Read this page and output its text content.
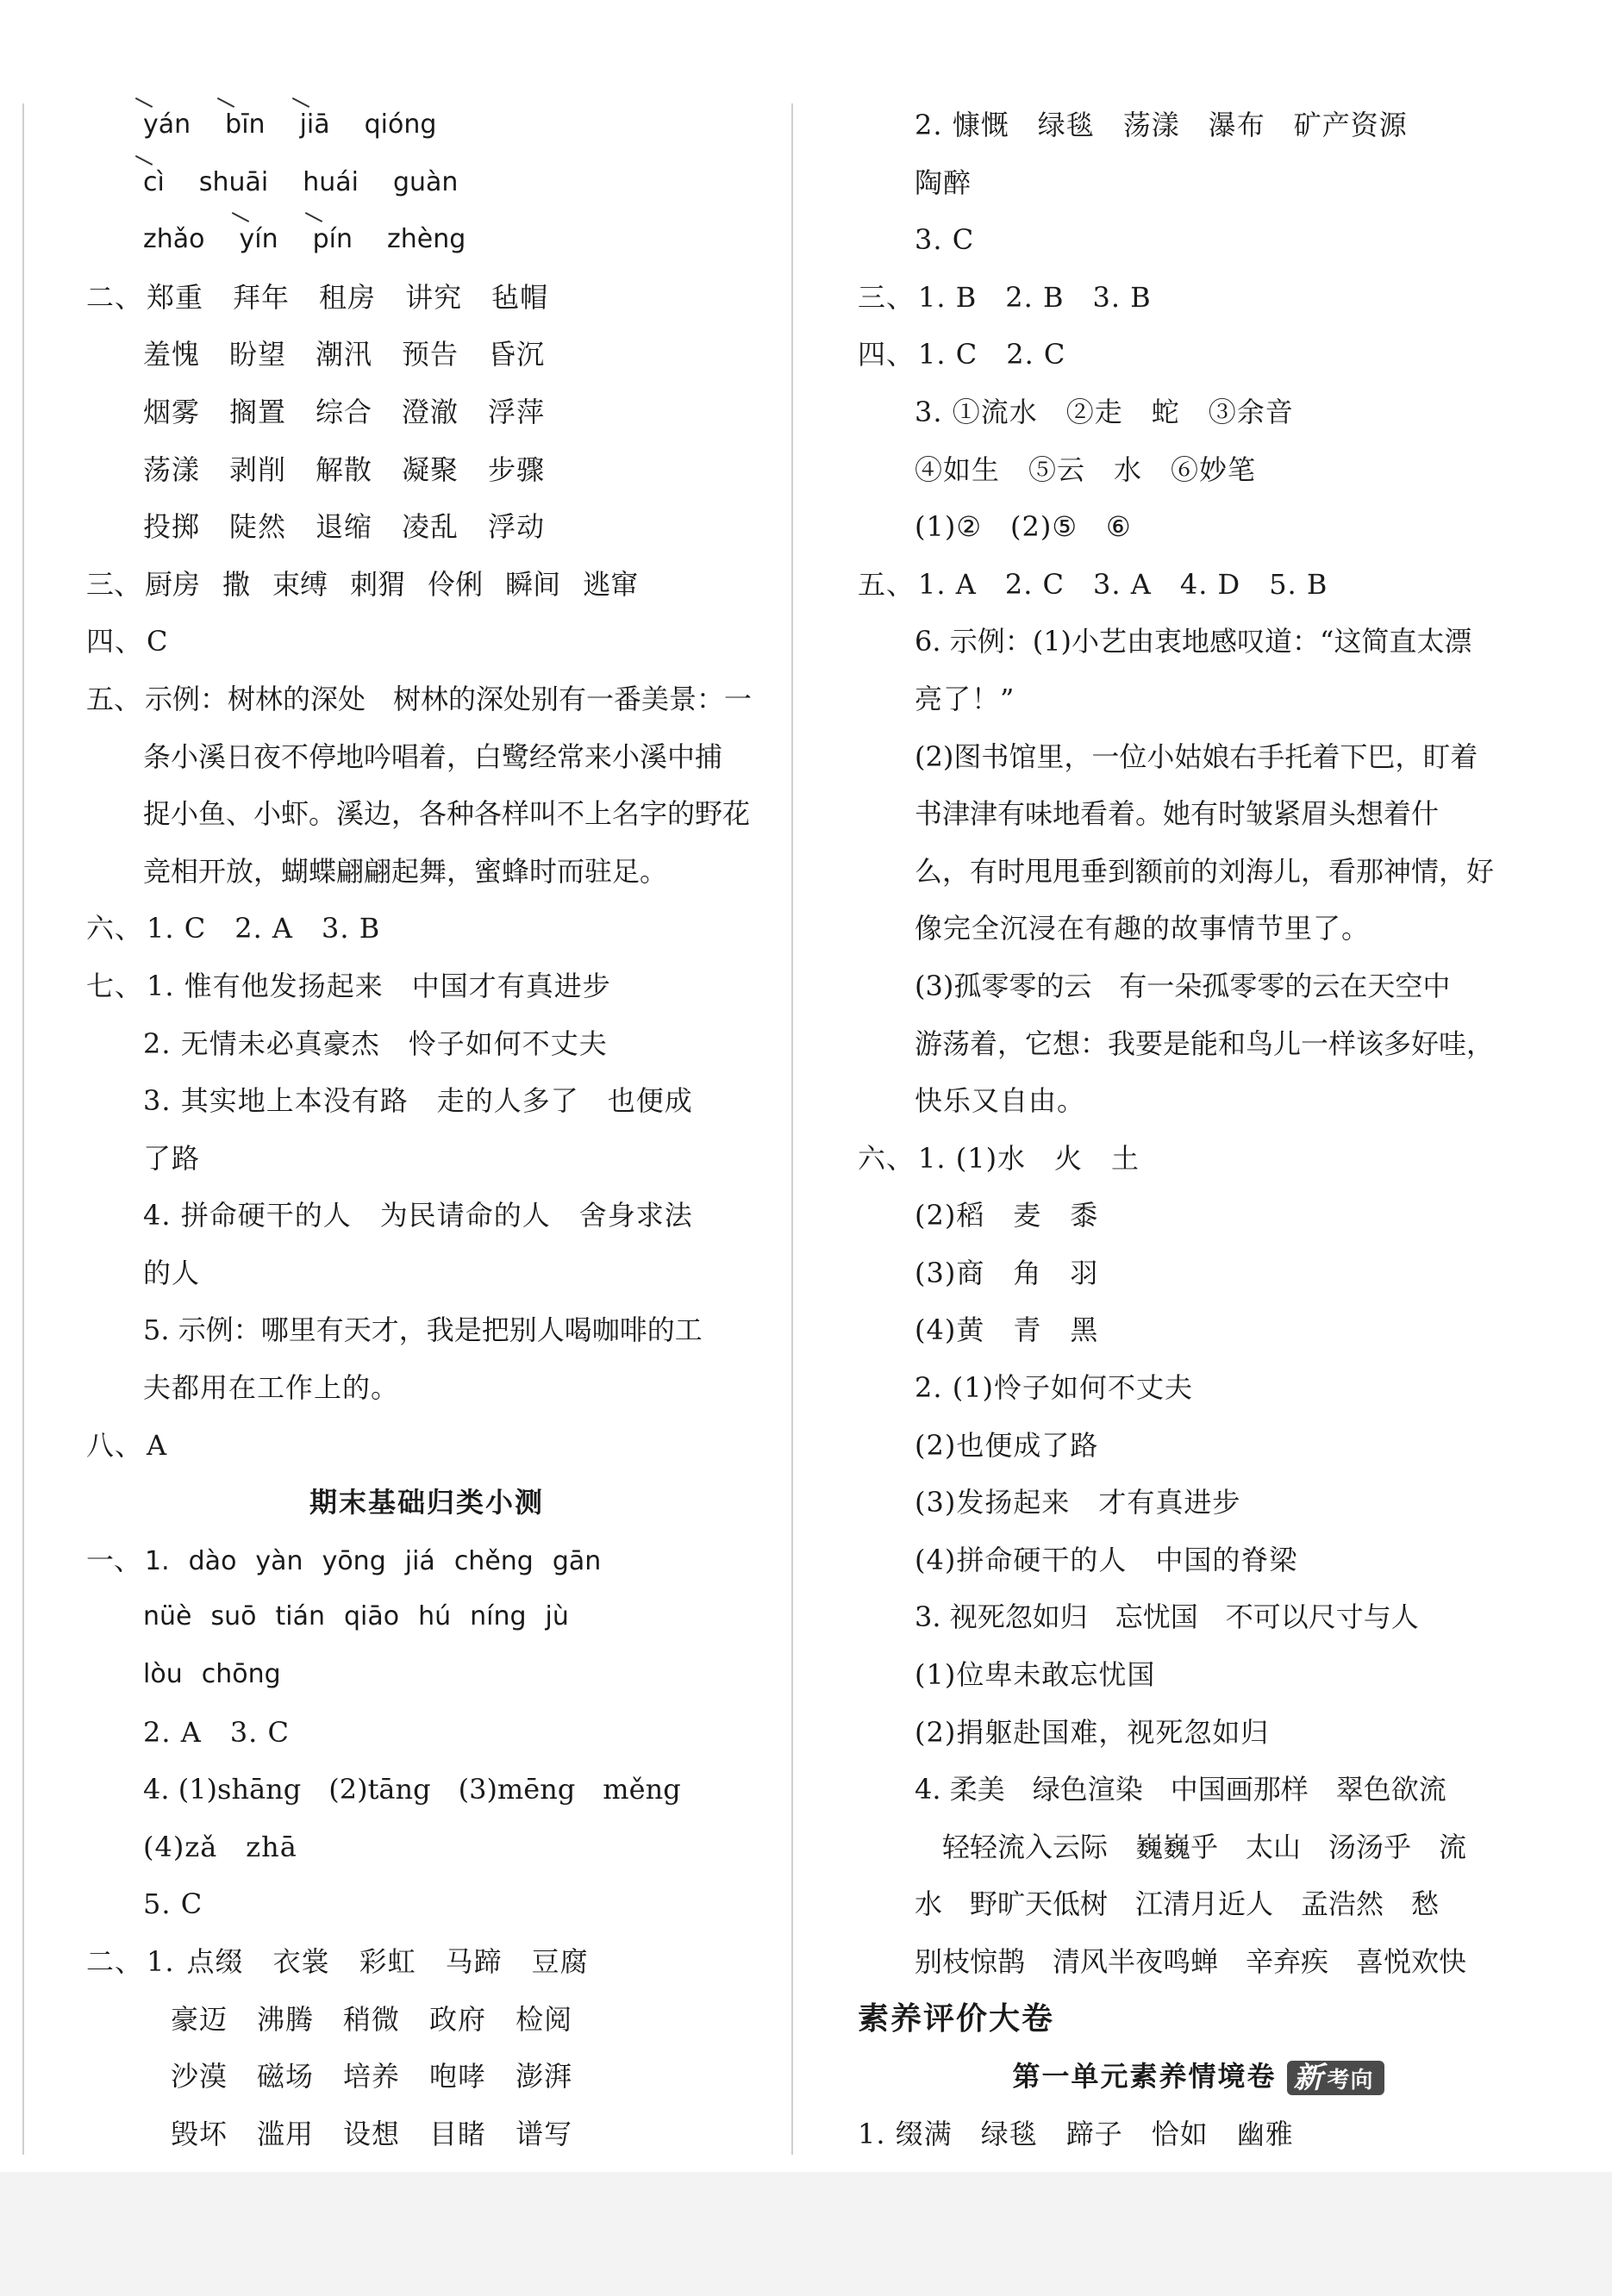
yán bīn jiā qióng
cì shuāi huái guàn
zhǎo yín pín zhèng
二、 郑重 拜年 租房 讲究 毡帽
羞愧 盼望 潮汛 预告 昏沉
烟雾 搁置 综合 澄澈 浮萍
荡漾 剥削 解散 凝聚 步骤
投掷 陡然 退缩 凌乱 浮动
三、 厨房 撒 束缚 刺猬 伶俐 瞬间 逃窜
四、 C
五、 示例：树林的深处　树林的深处别有一番美景：一
条小溪日夜不停地吟唱着，白鹭经常来小溪中捕
捉小鱼、小虾。溪边，各种各样叫不上名字的野花
竞相开放，蝴蝶翩翩起舞，蜜蜂时而驻足。
六、 1. C　2. A　3. B
七、 1. 惟有他发扬起来　中国才有真进步
2. 无情未必真豪杰　怜子如何不丈夫
3. 其实地上本没有路　走的人多了　也便成
了路
4. 拼命硬干的人　为民请命的人　舍身求法
的人
5. 示例：哪里有天才，我是把别人喝咖啡的工
夫都用在工作上的。
八、 A
期末基础归类小测
一、 1. dào yàn yōng jiá chěng gān
nüè suō tián qiāo hú níng jù
lòu chōng
2. A　3. C
4. (1)shāng　(2)tāng　(3)mēng　měng
(4)zǎ　zhā
5. C
二、 1. 点缀 衣裳 彩虹 马蹄 豆腐
豪迈 沸腾 稍微 政府 检阅
沙漠 磁场 培养 咆哮 澎湃
毁坏 滥用 设想 目睹 谱写
2. 慷慨　绿毯　荡漾　瀑布　矿产资源
陶醉
3. C
三、 1. B　2. B　3. B
四、 1. C　2. C
3. ①流水　②走　蛇　③余音
④如生　⑤云　水　⑥妙笔
(1)②　(2)⑤　⑥
五、 1. A　2. C　3. A　4. D　5. B
6. 示例：(1)小艺由衷地感叹道：“这简直太漂
亮了！”
(2)图书馆里，一位小姑娘右手托着下巴，盯着
书津津有味地看着。她有时皱紧眉头想着什
么，有时甩甩垂到额前的刘海儿，看那神情，好
像完全沉浸在有趣的故事情节里了。
(3)孤零零的云　有一朵孤零零的云在天空中
游荡着，它想：我要是能和鸟儿一样该多好哇，
快乐又自由。
六、 1. (1)水　火　土
(2)稻　麦　黍
(3)商　角　羽
(4)黄　青　黑
2. (1)怜子如何不丈夫
(2)也便成了路
(3)发扬起来　才有真进步
(4)拼命硬干的人　中国的脊梁
3. 视死忽如归　忘忧国　不可以尺寸与人
(1)位卑未敢忘忧国
(2)捐躯赴国难，视死忽如归
4. 柔美　绿色渲染　中国画那样　翠色欲流
轻轻流入云际　巍巍乎　太山　汤汤乎　流
水　野旷天低树　江清月近人　孟浩然　愁
别枝惊鹊　清风半夜鸣蝉　辛弃疾　喜悦欢快
素养评价大卷
第一单元素养情境卷 新 考向
1. 缀满　绿毯　蹄子　恰如　幽雅
